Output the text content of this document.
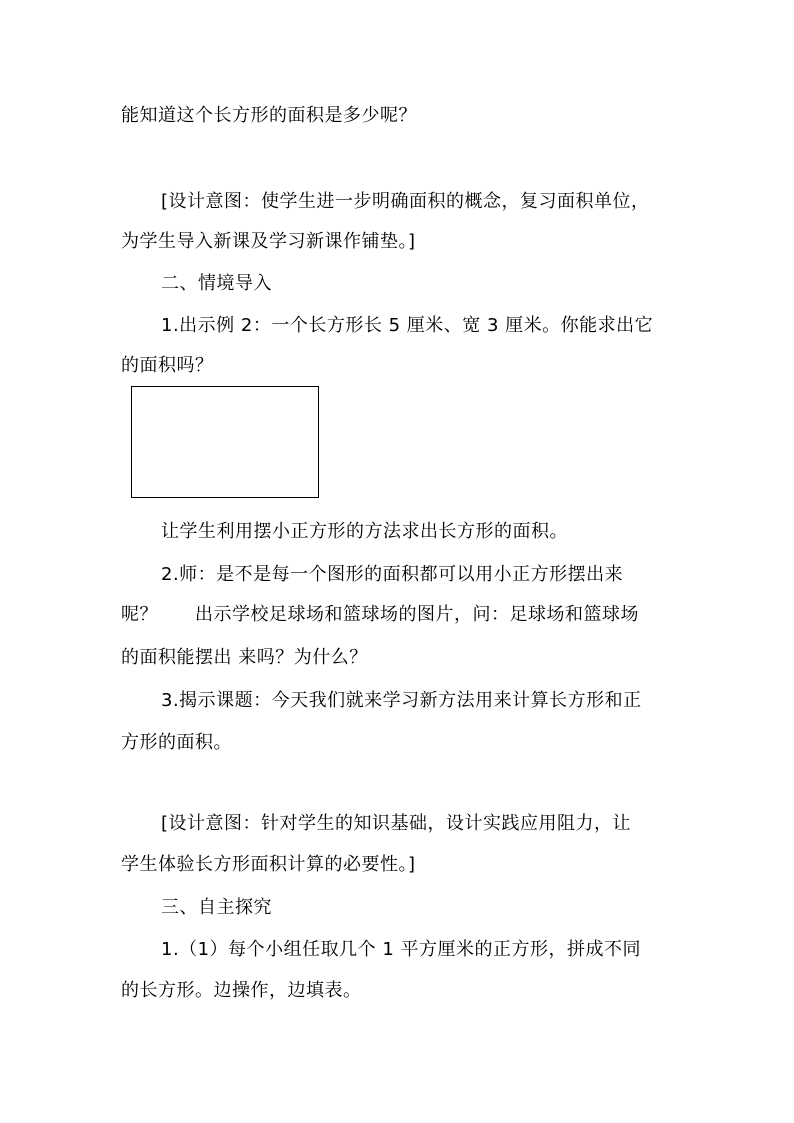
能知道这个长方形的面积是多少呢？
[设计意图：使学生进一步明确面积的概念，复习面积单位，
为学生导入新课及学习新课作铺垫。]
二、情境导入
1.出示例 2：一个长方形长 5 厘米、宽 3 厘米。你能求出它
的面积吗？
让学生利用摆小正方形的方法求出长方形的面积。
2.师：是不是每一个图形的面积都可以用小正方形摆出来
呢？　　出示学校足球场和篮球场的图片，问：足球场和篮球场
的面积能摆出 来吗？为什么？
3.揭示课题：今天我们就来学习新方法用来计算长方形和正
方形的面积。
[设计意图：针对学生的知识基础，设计实践应用阻力，让
学生体验长方形面积计算的必要性。]
三、自主探究
1.（1）每个小组任取几个 1 平方厘米的正方形，拼成不同
的长方形。边操作，边填表。
